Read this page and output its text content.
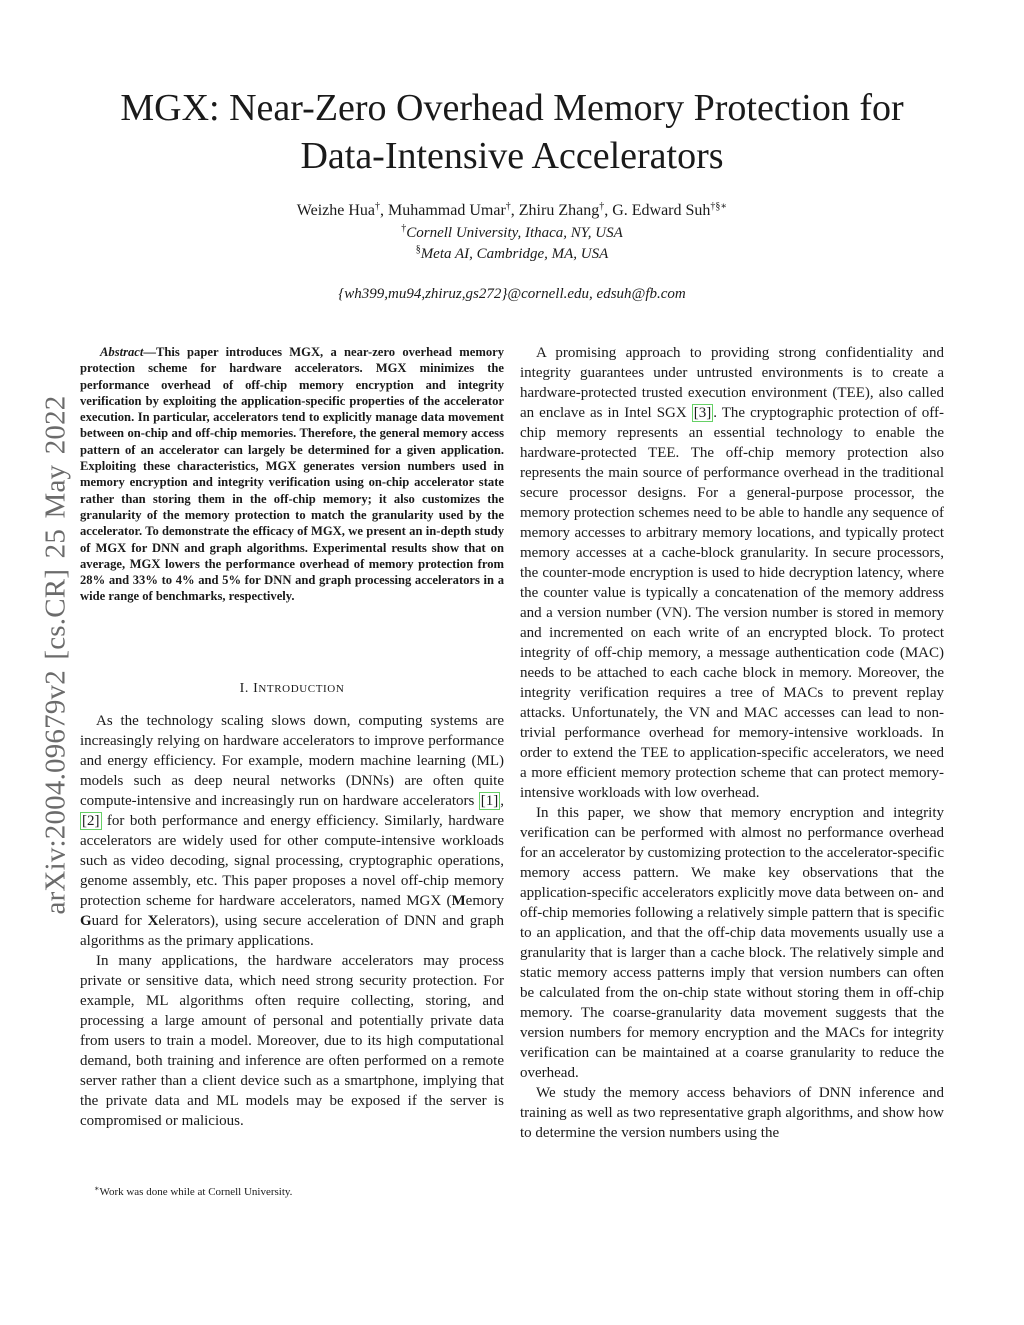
arXiv:2004.09679v2 [cs.CR] 25 May 2022
MGX: Near-Zero Overhead Memory Protection for
Data-Intensive Accelerators
Weizhe Hua†, Muhammad Umar†, Zhiru Zhang†, G. Edward Suh†§∗
†Cornell University, Ithaca, NY, USA
§Meta AI, Cambridge, MA, USA
{wh399,mu94,zhiruz,gs272}@cornell.edu, edsuh@fb.com
Abstract—This paper introduces MGX, a near-zero overhead memory protection scheme for hardware accelerators. MGX minimizes the performance overhead of off-chip memory encryption and integrity verification by exploiting the application-specific properties of the accelerator execution. In particular, accelerators tend to explicitly manage data movement between on-chip and off-chip memories. Therefore, the general memory access pattern of an accelerator can largely be determined for a given application. Exploiting these characteristics, MGX generates version numbers used in memory encryption and integrity verification using on-chip accelerator state rather than storing them in the off-chip memory; it also customizes the granularity of the memory protection to match the granularity used by the accelerator. To demonstrate the efficacy of MGX, we present an in-depth study of MGX for DNN and graph algorithms. Experimental results show that on average, MGX lowers the performance overhead of memory protection from 28% and 33% to 4% and 5% for DNN and graph processing accelerators in a wide range of benchmarks, respectively.
I. INTRODUCTION

As the technology scaling slows down, computing systems are increasingly relying on hardware accelerators to improve performance and energy efficiency. For example, modern machine learning (ML) models such as deep neural networks (DNNs) are often quite compute-intensive and increasingly run on hardware accelerators [1] , [2] for both performance and energy efficiency. Similarly, hardware accelerators are widely used for other compute-intensive workloads such as video decoding, signal processing, cryptographic operations, genome assembly, etc. This paper proposes a novel off-chip memory protection scheme for hardware accelerators, named MGX (Memory Guard for Xelerators), using secure acceleration of DNN and graph algorithms as the primary applications.

In many applications, the hardware accelerators may process private or sensitive data, which need strong security protection. For example, ML algorithms often require collecting, storing, and processing a large amount of personal and potentially private data from users to train a model. Moreover, due to its high computational demand, both training and inference are often performed on a remote server rather than a client device such as a smartphone, implying that the private data and ML models may be exposed if the server is compromised or malicious.

∗Work was done while at Cornell University.

A promising approach to providing strong confidentiality and integrity guarantees under untrusted environments is to create a hardware-protected trusted execution environment (TEE), also called an enclave as in Intel SGX [3] . The cryptographic protection of off-chip memory represents an essential technology to enable the hardware-protected TEE. The off-chip memory protection also represents the main source of performance overhead in the traditional secure processor designs. For a general-purpose processor, the memory protection schemes need to be able to handle any sequence of memory accesses to arbitrary memory locations, and typically protect memory accesses at a cache-block granularity. In secure processors, the counter-mode encryption is used to hide decryption latency, where the counter value is typically a concatenation of the memory address and a version number (VN). The version number is stored in memory and incremented on each write of an encrypted block. To protect integrity of off-chip memory, a message authentication code (MAC) needs to be attached to each cache block in memory. Moreover, the integrity verification requires a tree of MACs to prevent replay attacks. Unfortunately, the VN and MAC accesses can lead to non-trivial performance overhead for memory-intensive workloads. In order to extend the TEE to application-specific accelerators, we need a more efficient memory protection scheme that can protect memory-intensive workloads with low overhead.

In this paper, we show that memory encryption and integrity verification can be performed with almost no performance overhead for an accelerator by customizing protection to the accelerator-specific memory access pattern. We make key observations that the application-specific accelerators explicitly move data between on- and off-chip memories following a relatively simple pattern that is specific to an application, and that the off-chip data movements usually use a granularity that is larger than a cache block. The relatively simple and static memory access patterns imply that version numbers can often be calculated from the on-chip state without storing them in off-chip memory. The coarse-granularity data movement suggests that the version numbers for memory encryption and the MACs for integrity verification can be maintained at a coarse granularity to reduce the overhead.

We study the memory access behaviors of DNN inference and training as well as two representative graph algorithms, and show how to determine the version numbers using the
